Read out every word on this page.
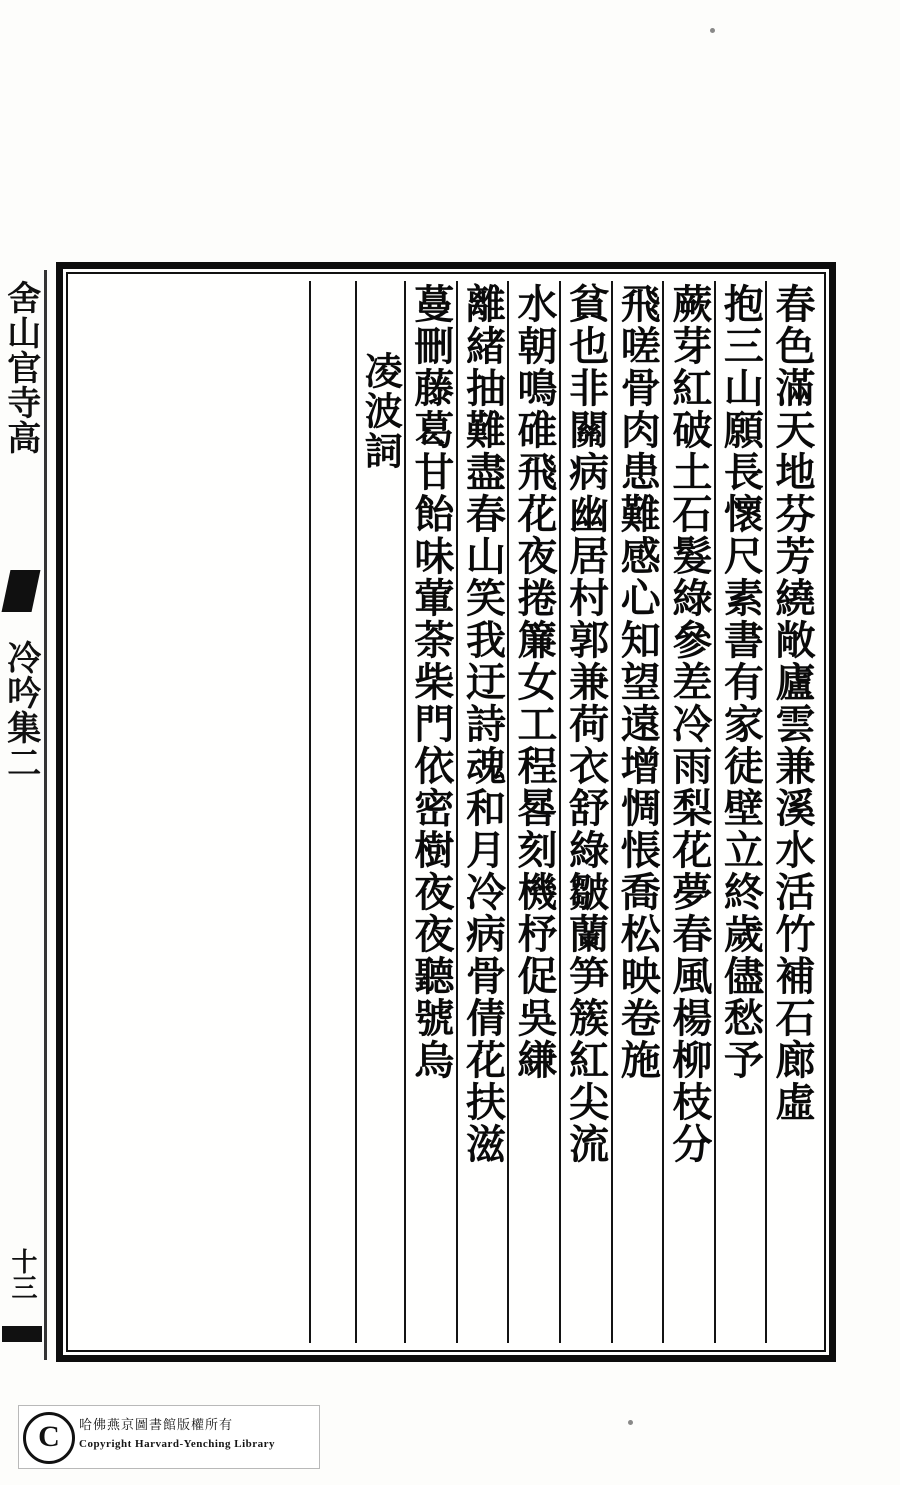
舍山官寺高
冷吟集二
十三
春色滿天地芬芳繞敞廬雲兼溪水活竹補石廊虛
抱三山願長懷尺素書有家徒壁立終歲儘愁予
蕨芽紅破土石髮綠參差冷雨梨花夢春風楊柳枝分
飛嗟骨肉患難感心知望遠增惆悵喬松映卷施
貧也非關病幽居村郭兼荷衣舒綠皺蘭笋簇紅尖流
水朝鳴碓飛花夜捲簾女工程晷刻機杼促吳縑
離緒抽難盡春山笑我迂詩魂和月冷病骨倩花扶滋
蔓刪藤葛甘飴味葷荼柴門依密樹夜夜聽號烏
凌波詞
C	哈佛燕京圖書館版權所有
Copyright Harvard-Yenching Library
